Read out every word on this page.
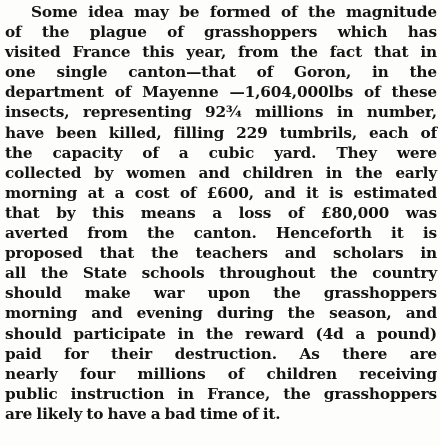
Some idea may be formed of the magnitude
of the plague of grasshoppers which has
visited France this year, from the fact that in
one single canton—that of Goron, in the
department of Mayenne —1,604,000lbs of these
insects, representing 92¾ millions in number,
have been killed, filling 229 tumbrils, each of
the capacity of a cubic yard. They were
collected by women and children in the early
morning at a cost of £600, and it is estimated
that by this means a loss of £80,000 was
averted from the canton. Henceforth it is
proposed that the teachers and scholars in
all the State schools throughout the country
should make war upon the grasshoppers
morning and evening during the season, and
should participate in the reward (4d a pound)
paid for their destruction. As there are
nearly four millions of children receiving
public instruction in France, the grasshoppers
are likely to have a bad time of it.
